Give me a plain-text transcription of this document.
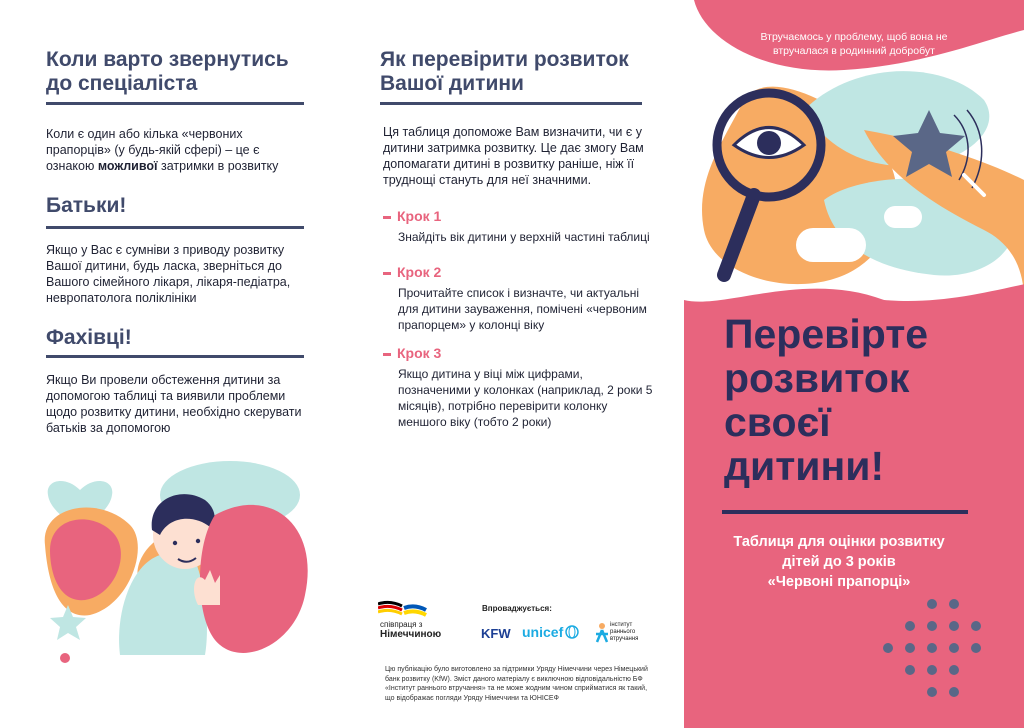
Коли варто звернутись до спеціаліста

Коли є один або кілька «червоних прапорців» (у будь-якій сфері) – це є ознакою можливої затримки в розвитку

Батьки!

Якщо у Вас є сумніви з приводу розвитку Вашої дитини, будь ласка, зверніться до Вашого сімейного лікаря, лікаря-педіатра, невропатолога поліклініки

Фахівці!

Якщо Ви провели обстеження дитини за допомогою таблиці та виявили проблеми щодо розвитку дитини, необхідно скерувати батьків за допомогою

Як перевірити розвиток Вашої дитини

Ця таблиця допоможе Вам визначити, чи є у дитини затримка розвитку. Це дає змогу Вам допомагати дитині в розвитку раніше, ніж її труднощі стануть для неї значними.

Крок 1

Знайдіть вік дитини у верхній частині таблиці

Крок 2

Прочитайте список і визначте, чи актуальні для дитини зауваження, помічені «червоним прапорцем» у колонці віку

Крок 3

Якщо дитина у віці між цифрами, позначеними у колонках (наприклад, 2 роки 5 місяців), потрібно перевірити колонку меншого віку (тобто 2 роки)

співпраця з
Німеччиною
Впроваджується:
KFW unicef	інститут
раннього
втручання

Цю публікацію було виготовлено за підтримки Уряду Німеччини через Німецький банк розвитку (KfW). Зміст даного матеріалу є виключною відповідальністю БФ «Інститут раннього втручання» та не може жодним чином сприйматися як такий, що відображає погляди Уряду Німеччини та ЮНІСЕФ

Втручаємось у проблему, щоб вона не втручалася в родинний добробут
Перевірте
розвиток
своєї
дитини!
Таблиця для оцінки розвитку
дітей до 3 років
«Червоні прапорці»
